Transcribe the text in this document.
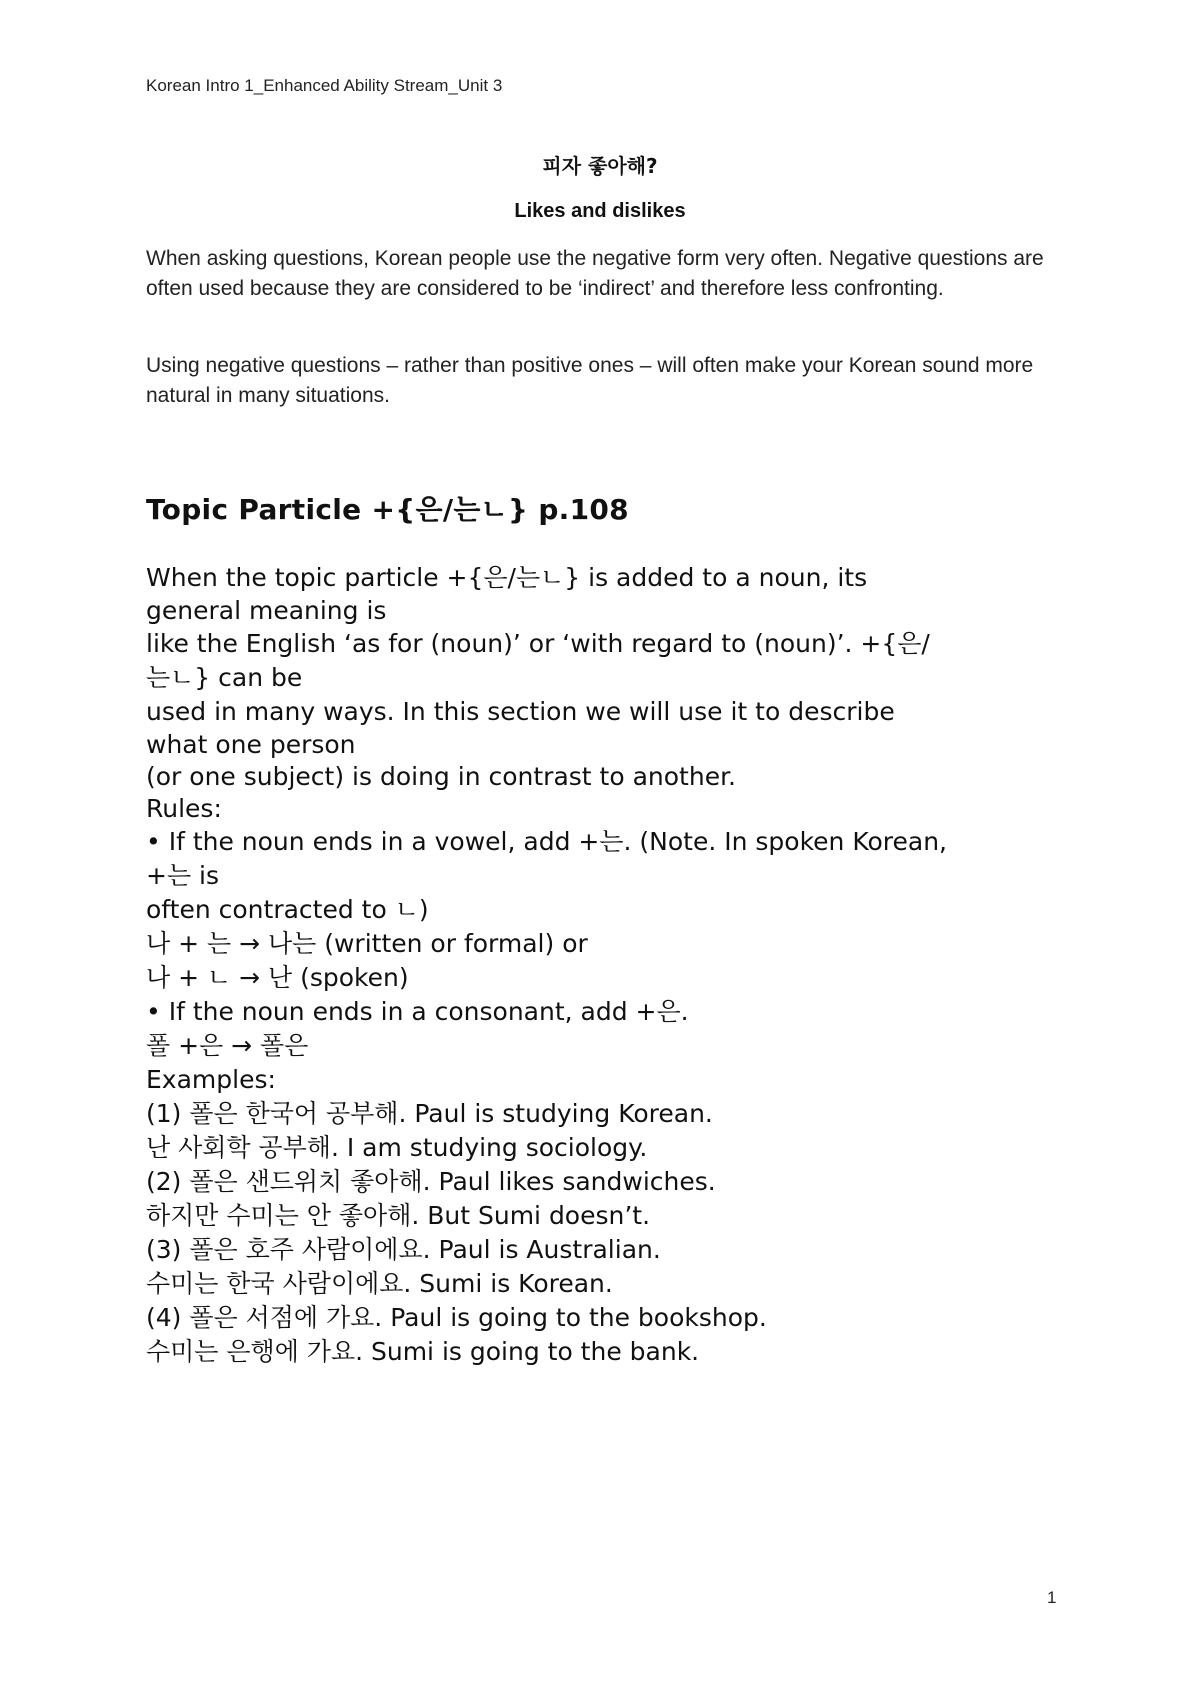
Korean Intro 1_Enhanced Ability Stream_Unit 3
피자 좋아해?
Likes and dislikes

When asking questions, Korean people use the negative form very often. Negative questions are often used because they are considered to be ‘indirect’ and therefore less confronting.

Using negative questions – rather than positive ones – will often make your Korean sound more natural in many situations.

Topic Particle +{은/는ㄴ} p.108
When the topic particle +{은/는ㄴ} is added to a noun, its
general meaning is
like the English ‘as for (noun)’ or ‘with regard to (noun)’. +{은/
는ㄴ} can be
used in many ways. In this section we will use it to describe
what one person
(or one subject) is doing in contrast to another.
Rules:
• If the noun ends in a vowel, add +는. (Note. In spoken Korean,
+는 is
often contracted to ㄴ)
나 + 는 → 나는 (written or formal) or
나 + ㄴ → 난 (spoken)
• If the noun ends in a consonant, add +은.
폴 +은 → 폴은
Examples:
(1) 폴은 한국어 공부해. Paul is studying Korean.
난 사회학 공부해. I am studying sociology.
(2) 폴은 샌드위치 좋아해. Paul likes sandwiches.
하지만 수미는 안 좋아해. But Sumi doesn’t.
(3) 폴은 호주 사람이에요. Paul is Australian.
수미는 한국 사람이에요. Sumi is Korean.
(4) 폴은 서점에 가요. Paul is going to the bookshop.
수미는 은행에 가요. Sumi is going to the bank.
1
